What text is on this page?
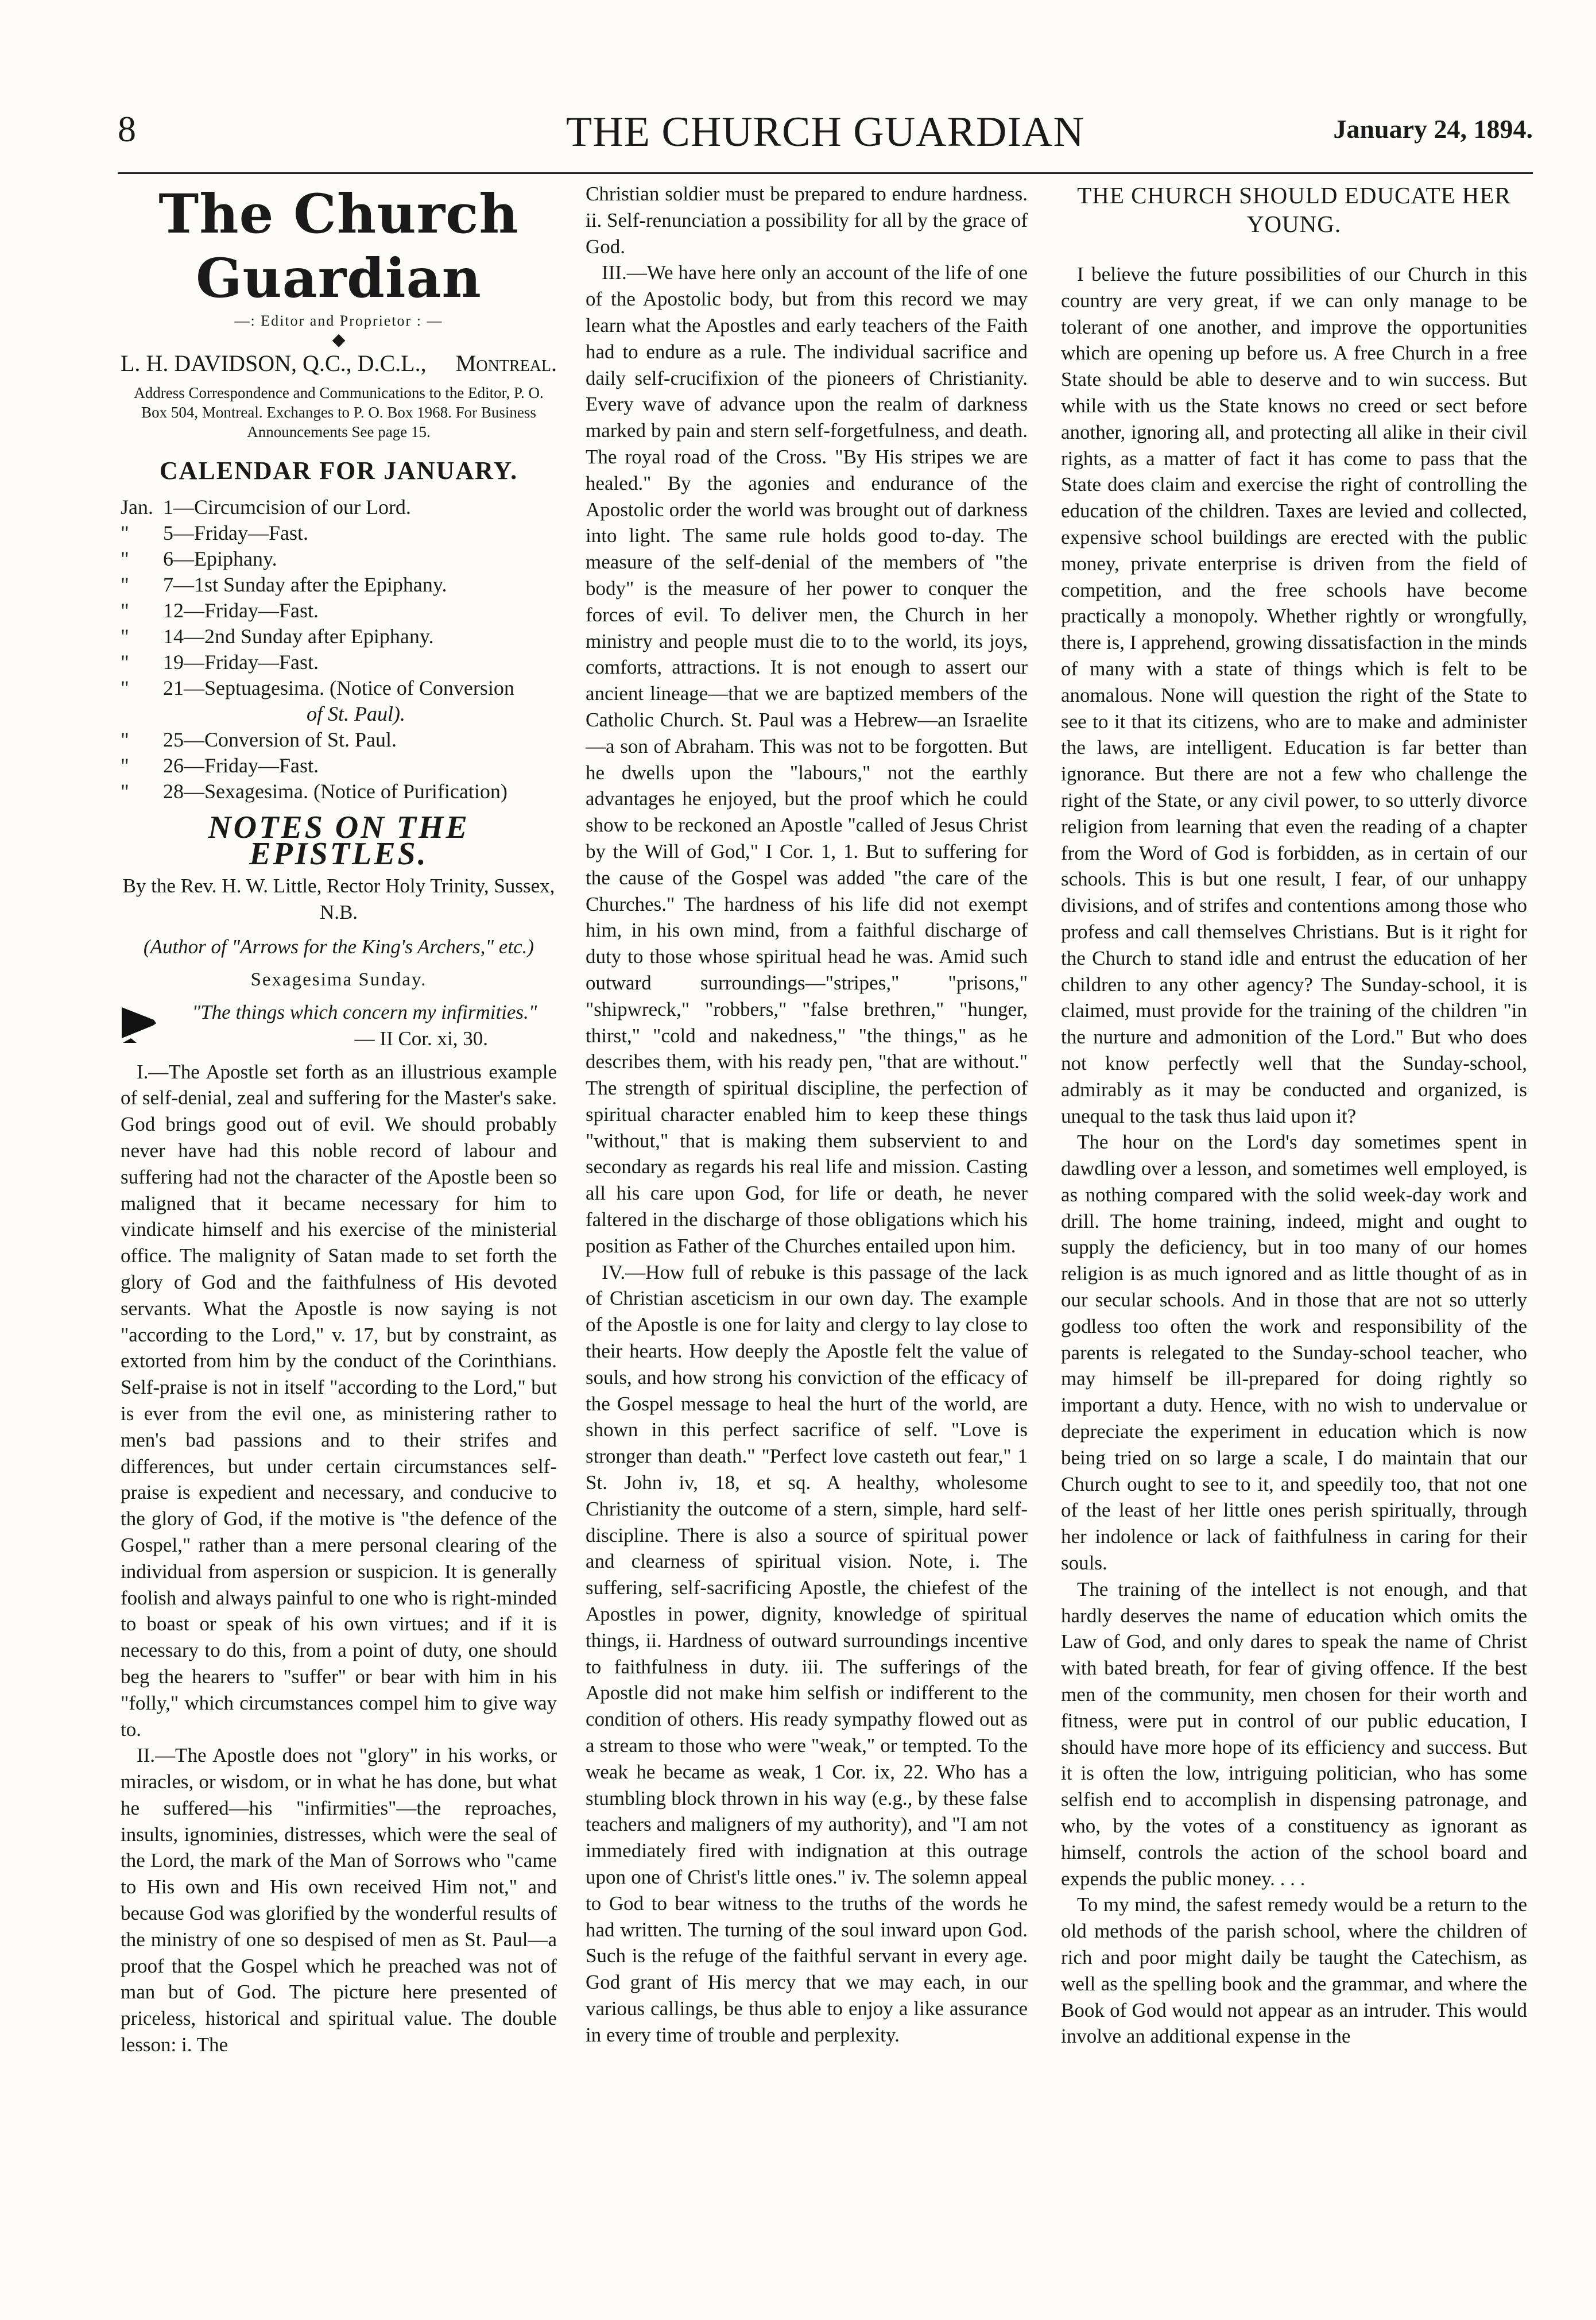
THE CHURCH GUARDIAN
8	January 24, 1894.
The Church Guardian
—: Editor and Proprietor : —
◆
L. H. DAVIDSON, Q.C., D.C.L., Montreal.
Address Correspondence and Communications to the Editor, P. O. Box 504, Montreal. Exchanges to P. O. Box 1968. For Business Announcements See page 15.
CALENDAR FOR JANUARY.
Jan. 1—Circumcision of our Lord.
"	5—Friday—Fast.
"	6—Epiphany.
"	7—1st Sunday after the Epiphany.
"	12—Friday—Fast.
"	14—2nd Sunday after Epiphany.
"	19—Friday—Fast.
"	21—Septuagesima. (Notice of Conversion
of St. Paul).
"	25—Conversion of St. Paul.
"	26—Friday—Fast.
"	28—Sexagesima. (Notice of Purification)
NOTES ON THE EPISTLES.
By the Rev. H. W. Little, Rector Holy Trinity, Sussex, N.B.
(Author of "Arrows for the King's Archers," etc.)
Sexagesima Sunday.
"The things which concern my infirmities."
— II Cor. xi, 30.

I.—The Apostle set forth as an illustrious example of self-denial, zeal and suffering for the Master's sake. God brings good out of evil. We should probably never have had this noble record of labour and suffering had not the character of the Apostle been so maligned that it became necessary for him to vindicate himself and his exercise of the ministerial office. The malignity of Satan made to set forth the glory of God and the faithfulness of His devoted servants. What the Apostle is now saying is not "according to the Lord," v. 17, but by constraint, as extorted from him by the conduct of the Corinthians. Self-praise is not in itself "according to the Lord," but is ever from the evil one, as ministering rather to men's bad passions and to their strifes and differences, but under certain circumstances self-praise is expedient and necessary, and conducive to the glory of God, if the motive is "the defence of the Gospel," rather than a mere personal clearing of the individual from aspersion or suspicion. It is generally foolish and always painful to one who is right-minded to boast or speak of his own virtues; and if it is necessary to do this, from a point of duty, one should beg the hearers to "suffer" or bear with him in his "folly," which circumstances compel him to give way to.

II.—The Apostle does not "glory" in his works, or miracles, or wisdom, or in what he has done, but what he suffered—his "infirmities"—the reproaches, insults, ignominies, distresses, which were the seal of the Lord, the mark of the Man of Sorrows who "came to His own and His own received Him not," and because God was glorified by the wonderful results of the ministry of one so despised of men as St. Paul—a proof that the Gospel which he preached was not of man but of God. The picture here presented of priceless, historical and spiritual value. The double lesson: i. The

Christian soldier must be prepared to endure hardness. ii. Self-renunciation a possibility for all by the grace of God.

III.—We have here only an account of the life of one of the Apostolic body, but from this record we may learn what the Apostles and early teachers of the Faith had to endure as a rule. The individual sacrifice and daily self-crucifixion of the pioneers of Christianity. Every wave of advance upon the realm of darkness marked by pain and stern self-forgetfulness, and death. The royal road of the Cross. "By His stripes we are healed." By the agonies and endurance of the Apostolic order the world was brought out of darkness into light. The same rule holds good to-day. The measure of the self-denial of the members of "the body" is the measure of her power to conquer the forces of evil. To deliver men, the Church in her ministry and people must die to to the world, its joys, comforts, attractions. It is not enough to assert our ancient lineage—that we are baptized members of the Catholic Church. St. Paul was a Hebrew—an Israelite —a son of Abraham. This was not to be forgotten. But he dwells upon the "labours," not the earthly advantages he enjoyed, but the proof which he could show to be reckoned an Apostle "called of Jesus Christ by the Will of God," I Cor. 1, 1. But to suffering for the cause of the Gospel was added "the care of the Churches." The hardness of his life did not exempt him, in his own mind, from a faithful discharge of duty to those whose spiritual head he was. Amid such outward surroundings—"stripes," "prisons," "shipwreck," "robbers," "false brethren," "hunger, thirst," "cold and nakedness," "the things," as he describes them, with his ready pen, "that are without." The strength of spiritual discipline, the perfection of spiritual character enabled him to keep these things "without," that is making them subservient to and secondary as regards his real life and mission. Casting all his care upon God, for life or death, he never faltered in the discharge of those obligations which his position as Father of the Churches entailed upon him.

IV.—How full of rebuke is this passage of the lack of Christian asceticism in our own day. The example of the Apostle is one for laity and clergy to lay close to their hearts. How deeply the Apostle felt the value of souls, and how strong his conviction of the efficacy of the Gospel message to heal the hurt of the world, are shown in this perfect sacrifice of self. "Love is stronger than death." "Perfect love casteth out fear," 1 St. John iv, 18, et sq. A healthy, wholesome Christianity the outcome of a stern, simple, hard self-discipline. There is also a source of spiritual power and clearness of spiritual vision. Note, i. The suffering, self-sacrificing Apostle, the chiefest of the Apostles in power, dignity, knowledge of spiritual things, ii. Hardness of outward surroundings incentive to faithfulness in duty. iii. The sufferings of the Apostle did not make him selfish or indifferent to the condition of others. His ready sympathy flowed out as a stream to those who were "weak," or tempted. To the weak he became as weak, 1 Cor. ix, 22. Who has a stumbling block thrown in his way (e.g., by these false teachers and maligners of my authority), and "I am not immediately fired with indignation at this outrage upon one of Christ's little ones." iv. The solemn appeal to God to bear witness to the truths of the words he had written. The turning of the soul inward upon God. Such is the refuge of the faithful servant in every age. God grant of His mercy that we may each, in our various callings, be thus able to enjoy a like assurance in every time of trouble and perplexity.

THE CHURCH SHOULD EDUCATE HER YOUNG.

I believe the future possibilities of our Church in this country are very great, if we can only manage to be tolerant of one another, and improve the opportunities which are opening up before us. A free Church in a free State should be able to deserve and to win success. But while with us the State knows no creed or sect before another, ignoring all, and protecting all alike in their civil rights, as a matter of fact it has come to pass that the State does claim and exercise the right of controlling the education of the children. Taxes are levied and collected, expensive school buildings are erected with the public money, private enterprise is driven from the field of competition, and the free schools have become practically a monopoly. Whether rightly or wrongfully, there is, I apprehend, growing dissatisfaction in the minds of many with a state of things which is felt to be anomalous. None will question the right of the State to see to it that its citizens, who are to make and administer the laws, are intelligent. Education is far better than ignorance. But there are not a few who challenge the right of the State, or any civil power, to so utterly divorce religion from learning that even the reading of a chapter from the Word of God is forbidden, as in certain of our schools. This is but one result, I fear, of our unhappy divisions, and of strifes and contentions among those who profess and call themselves Christians. But is it right for the Church to stand idle and entrust the education of her children to any other agency? The Sunday-school, it is claimed, must provide for the training of the children "in the nurture and admonition of the Lord." But who does not know perfectly well that the Sunday-school, admirably as it may be conducted and organized, is unequal to the task thus laid upon it?

The hour on the Lord's day sometimes spent in dawdling over a lesson, and sometimes well employed, is as nothing compared with the solid week-day work and drill. The home training, indeed, might and ought to supply the deficiency, but in too many of our homes religion is as much ignored and as little thought of as in our secular schools. And in those that are not so utterly godless too often the work and responsibility of the parents is relegated to the Sunday-school teacher, who may himself be ill-prepared for doing rightly so important a duty. Hence, with no wish to undervalue or depreciate the experiment in education which is now being tried on so large a scale, I do maintain that our Church ought to see to it, and speedily too, that not one of the least of her little ones perish spiritually, through her indolence or lack of faithfulness in caring for their souls.

The training of the intellect is not enough, and that hardly deserves the name of education which omits the Law of God, and only dares to speak the name of Christ with bated breath, for fear of giving offence. If the best men of the community, men chosen for their worth and fitness, were put in control of our public education, I should have more hope of its efficiency and success. But it is often the low, intriguing politician, who has some selfish end to accomplish in dispensing patronage, and who, by the votes of a constituency as ignorant as himself, controls the action of the school board and expends the public money. . . .

To my mind, the safest remedy would be a return to the old methods of the parish school, where the children of rich and poor might daily be taught the Catechism, as well as the spelling book and the grammar, and where the Book of God would not appear as an intruder. This would involve an additional expense in the
